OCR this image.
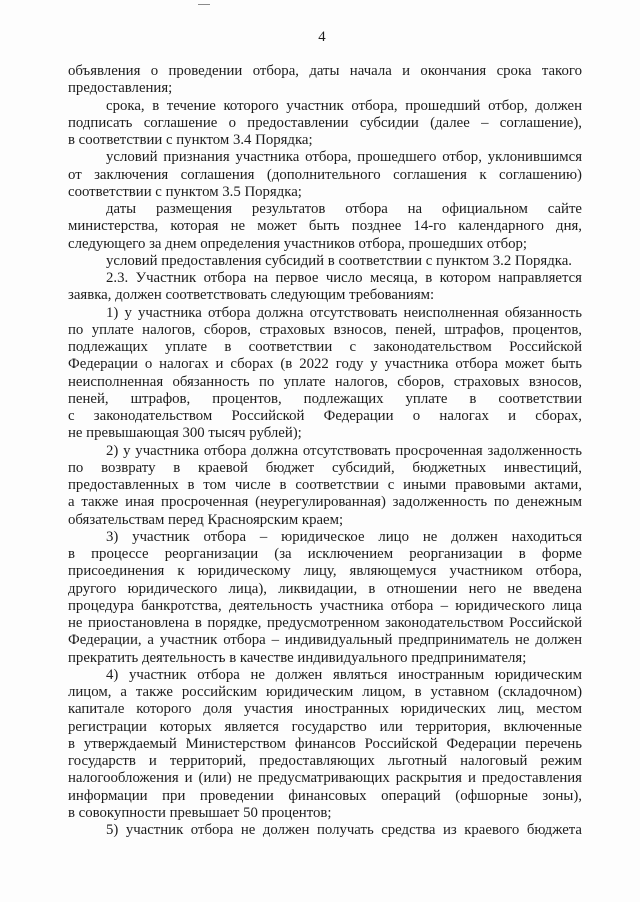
4
объявления о проведении отбора, даты начала и окончания срока такого
предоставления;
срока, в течение которого участник отбора, прошедший отбор, должен
подписать соглашение о предоставлении субсидии (далее – соглашение),
в соответствии с пунктом 3.4 Порядка;
условий признания участника отбора, прошедшего отбор, уклонившимся
от заключения соглашения (дополнительного соглашения к соглашению)
соответствии с пунктом 3.5 Порядка;
даты размещения результатов отбора на официальном сайте
министерства, которая не может быть позднее 14-го календарного дня,
следующего за днем определения участников отбора, прошедших отбор;
условий предоставления субсидий в соответствии с пунктом 3.2 Порядка.
2.3. Участник отбора на первое число месяца, в котором направляется
заявка, должен соответствовать следующим требованиям:
1) у участника отбора должна отсутствовать неисполненная обязанность
по уплате налогов, сборов, страховых взносов, пеней, штрафов, процентов,
подлежащих уплате в соответствии с законодательством Российской
Федерации о налогах и сборах (в 2022 году у участника отбора может быть
неисполненная обязанность по уплате налогов, сборов, страховых взносов,
пеней, штрафов, процентов, подлежащих уплате в соответствии
с законодательством Российской Федерации о налогах и сборах,
не превышающая 300 тысяч рублей);
2) у участника отбора должна отсутствовать просроченная задолженность
по возврату в краевой бюджет субсидий, бюджетных инвестиций,
предоставленных в том числе в соответствии с иными правовыми актами,
а также иная просроченная (неурегулированная) задолженность по денежным
обязательствам перед Красноярским краем;
3) участник отбора – юридическое лицо не должен находиться
в процессе реорганизации (за исключением реорганизации в форме
присоединения к юридическому лицу, являющемуся участником отбора,
другого юридического лица), ликвидации, в отношении него не введена
процедура банкротства, деятельность участника отбора – юридического лица
не приостановлена в порядке, предусмотренном законодательством Российской
Федерации, а участник отбора – индивидуальный предприниматель не должен
прекратить деятельность в качестве индивидуального предпринимателя;
4) участник отбора не должен являться иностранным юридическим
лицом, а также российским юридическим лицом, в уставном (складочном)
капитале которого доля участия иностранных юридических лиц, местом
регистрации которых является государство или территория, включенные
в утверждаемый Министерством финансов Российской Федерации перечень
государств и территорий, предоставляющих льготный налоговый режим
налогообложения и (или) не предусматривающих раскрытия и предоставления
информации при проведении финансовых операций (офшорные зоны),
в совокупности превышает 50 процентов;
5) участник отбора не должен получать средства из краевого бюджета
